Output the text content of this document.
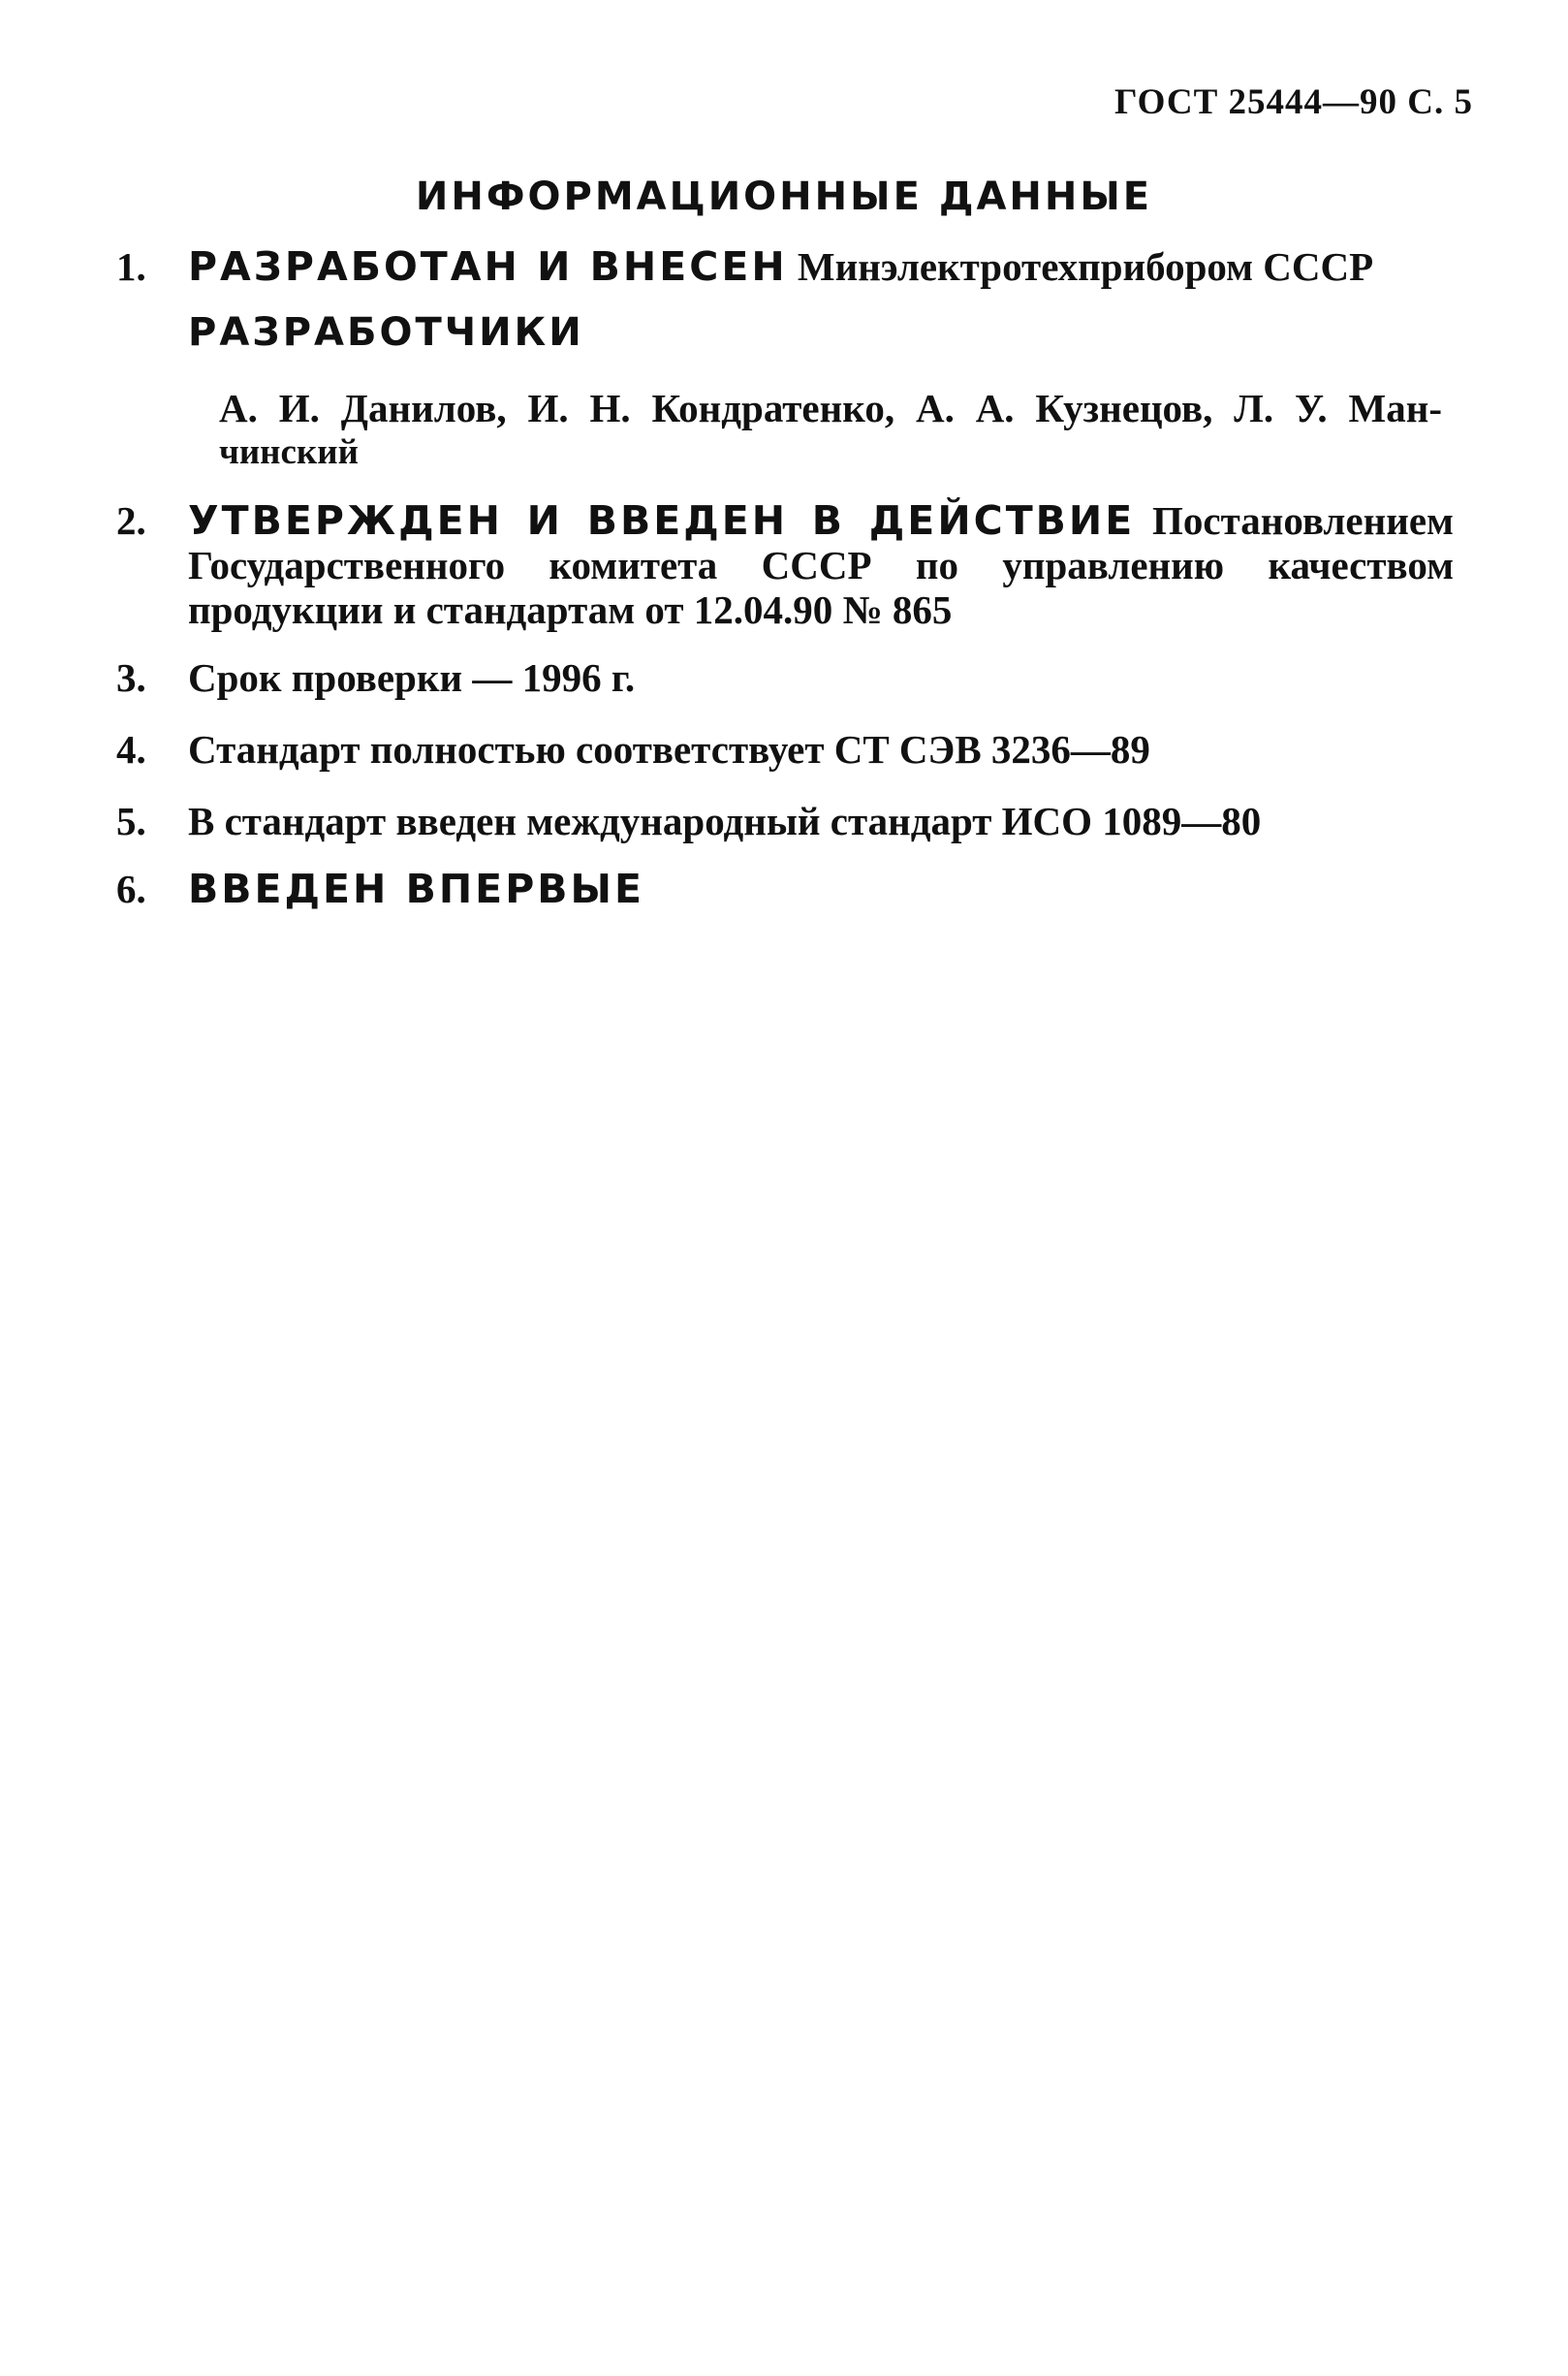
ГОСТ 25444—90 С. 5
ИНФОРМАЦИОННЫЕ ДАННЫЕ
1. РАЗРАБОТАН И ВНЕСЕН Минэлектротехприбором СССР
РАЗРАБОТЧИКИ
А. И. Данилов, И. Н. Кондратенко, А. А. Кузнецов, Л. У. Ман-
чинский
2. УТВЕРЖДЕН И ВВЕДЕН В ДЕЙСТВИЕ Постановлением
Государственного комитета СССР по управлению качеством
продукции и стандартам от 12.04.90 № 865
3. Срок проверки — 1996 г.
4. Стандарт полностью соответствует СТ СЭВ 3236—89
5. В стандарт введен международный стандарт ИСО 1089—80
6. ВВЕДЕН ВПЕРВЫЕ
